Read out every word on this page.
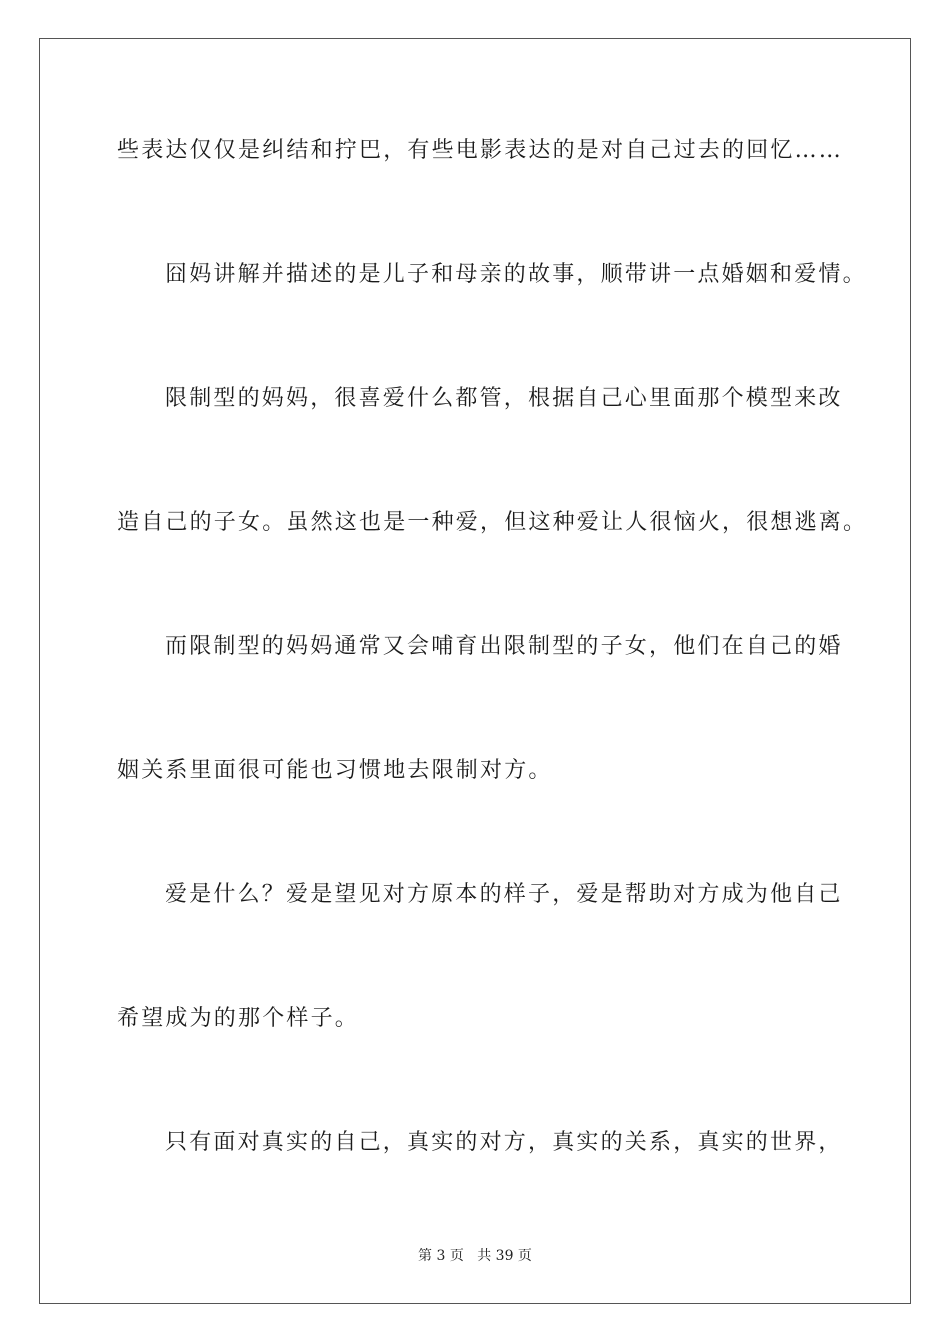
些表达仅仅是纠结和拧巴，有些电影表达的是对自己过去的回忆……
囧妈讲解并描述的是儿子和母亲的故事，顺带讲一点婚姻和爱情。
限制型的妈妈，很喜爱什么都管，根据自己心里面那个模型来改
造自己的子女。虽然这也是一种爱，但这种爱让人很恼火，很想逃离。
而限制型的妈妈通常又会哺育出限制型的子女，他们在自己的婚
姻关系里面很可能也习惯地去限制对方。
爱是什么？爱是望见对方原本的样子，爱是帮助对方成为他自己
希望成为的那个样子。
只有面对真实的自己，真实的对方，真实的关系，真实的世界，
第 3 页 共 39 页
